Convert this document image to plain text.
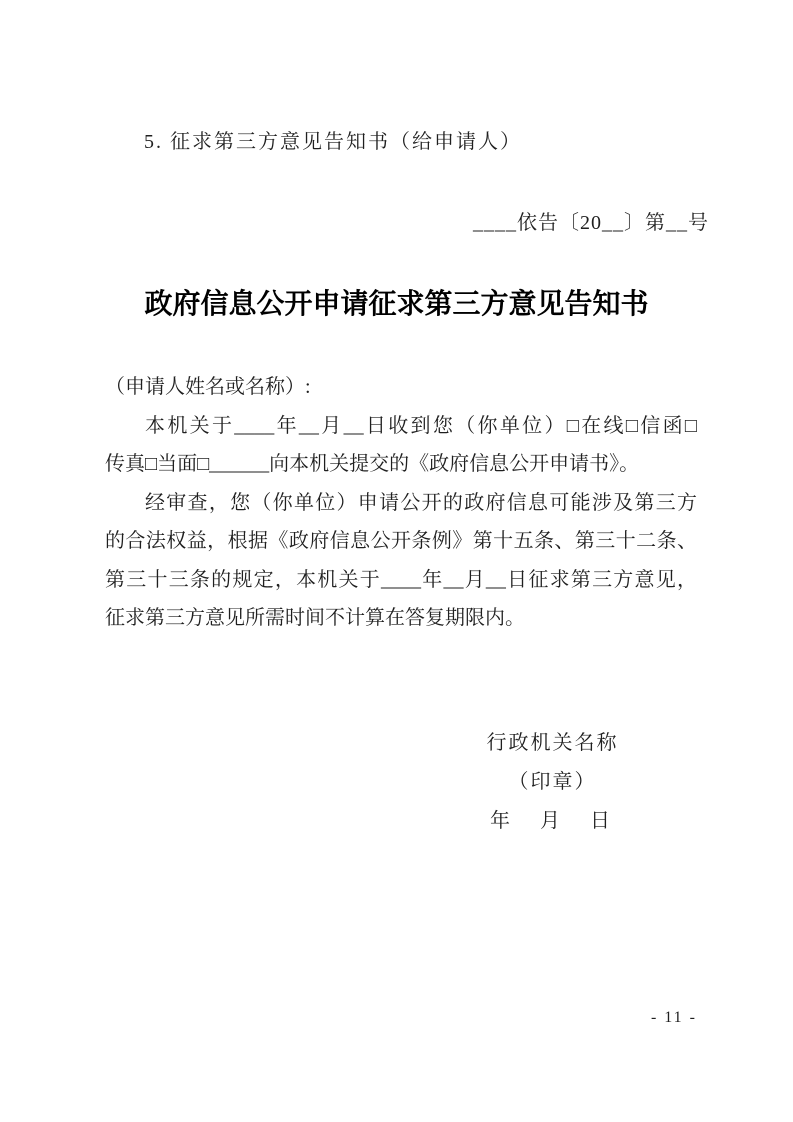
5. 征求第三方意见告知书（给申请人）
____依告〔20__〕第__号
政府信息公开申请征求第三方意见告知书

（申请人姓名或名称）:

本机关于____年__月__日收到您（你单位）□在线□信函□

传真□当面□______向本机关提交的《政府信息公开申请书》。

经审查，您（你单位）申请公开的政府信息可能涉及第三方

的合法权益，根据《政府信息公开条例》第十五条、第三十二条、

第三十三条的规定，本机关于____年__月__日征求第三方意见，

征求第三方意见所需时间不计算在答复期限内。

行政机关名称
（印章）
年　月　日
- 11 -
